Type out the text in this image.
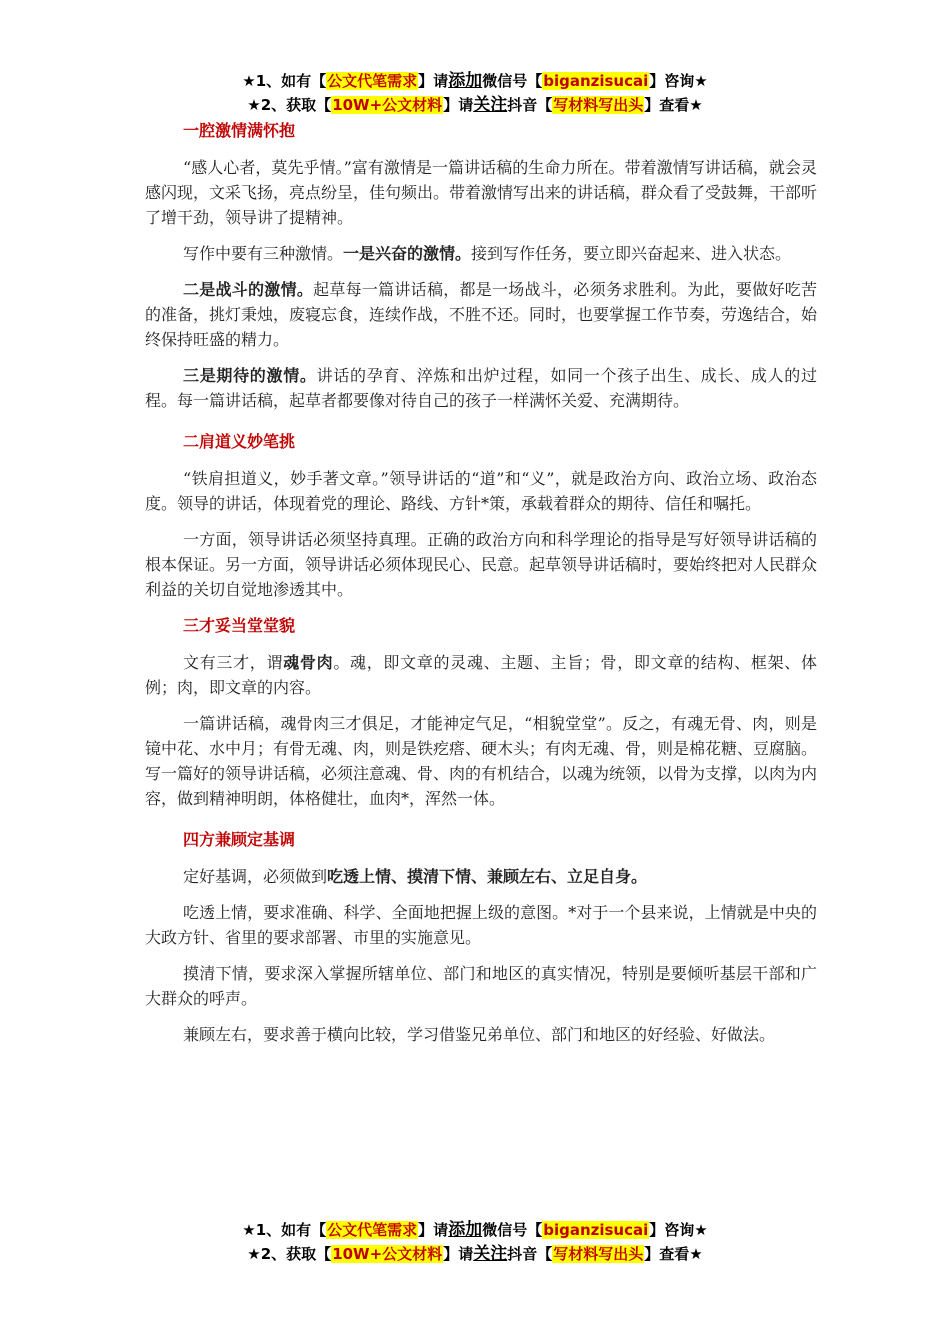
★1、如有【公文代笔需求】请添加微信号【biganzisucai】咨询★
★2、获取【10W+公文材料】请关注抖音【写材料写出头】查看★

一腔激情满怀抱

“感人心者，莫先乎情。”富有激情是一篇讲话稿的生命力所在。带着激情写讲话稿，就会灵感闪现，文采飞扬，亮点纷呈，佳句频出。带着激情写出来的讲话稿，群众看了受鼓舞，干部听了增干劲，领导讲了提精神。

写作中要有三种激情。一是兴奋的激情。接到写作任务，要立即兴奋起来、进入状态。

二是战斗的激情。起草每一篇讲话稿，都是一场战斗，必须务求胜利。为此，要做好吃苦的准备，挑灯秉烛，废寝忘食，连续作战，不胜不还。同时，也要掌握工作节奏，劳逸结合，始终保持旺盛的精力。

三是期待的激情。讲话的孕育、淬炼和出炉过程，如同一个孩子出生、成长、成人的过程。每一篇讲话稿，起草者都要像对待自己的孩子一样满怀关爱、充满期待。

二肩道义妙笔挑

“铁肩担道义，妙手著文章。”领导讲话的“道”和“义”，就是政治方向、政治立场、政治态度。领导的讲话，体现着党的理论、路线、方针*策，承载着群众的期待、信任和嘱托。

一方面，领导讲话必须坚持真理。正确的政治方向和科学理论的指导是写好领导讲话稿的根本保证。另一方面，领导讲话必须体现民心、民意。起草领导讲话稿时，要始终把对人民群众利益的关切自觉地渗透其中。

三才妥当堂堂貌

文有三才，谓魂骨肉。魂，即文章的灵魂、主题、主旨；骨，即文章的结构、框架、体例；肉，即文章的内容。

一篇讲话稿，魂骨肉三才俱足，才能神定气足，“相貌堂堂”。反之，有魂无骨、肉，则是镜中花、水中月；有骨无魂、肉，则是铁疙瘩、硬木头；有肉无魂、骨，则是棉花糖、豆腐脑。写一篇好的领导讲话稿，必须注意魂、骨、肉的有机结合，以魂为统领，以骨为支撑，以肉为内容，做到精神明朗，体格健壮，血肉*，浑然一体。

四方兼顾定基调

定好基调，必须做到吃透上情、摸清下情、兼顾左右、立足自身。

吃透上情，要求准确、科学、全面地把握上级的意图。*对于一个县来说，上情就是中央的大政方针、省里的要求部署、市里的实施意见。

摸清下情，要求深入掌握所辖单位、部门和地区的真实情况，特别是要倾听基层干部和广大群众的呼声。

兼顾左右，要求善于横向比较，学习借鉴兄弟单位、部门和地区的好经验、好做法。

★1、如有【公文代笔需求】请添加微信号【biganzisucai】咨询★
★2、获取【10W+公文材料】请关注抖音【写材料写出头】查看★
